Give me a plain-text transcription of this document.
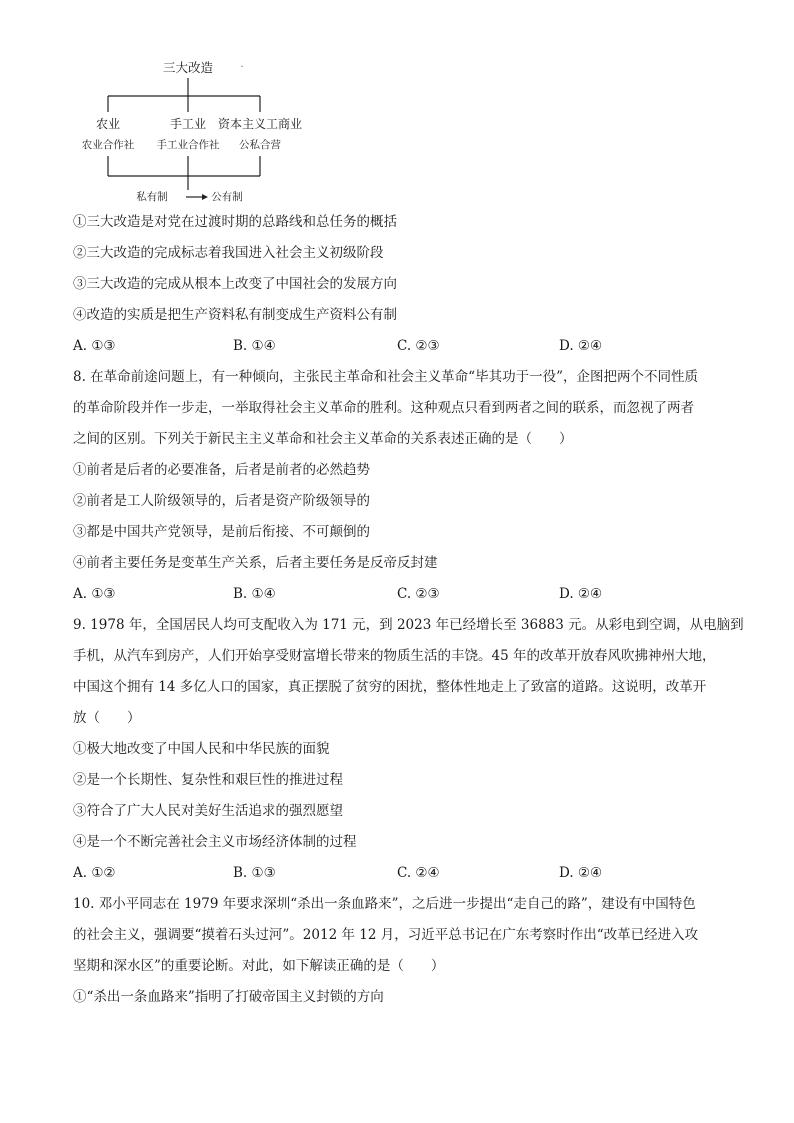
三大改造	·
农业	手工业 资本主义工商业
农业合作社 手工业合作社 公私合营
私有制	公有制
①三大改造是对党在过渡时期的总路线和总任务的概括
②三大改造的完成标志着我国进入社会主义初级阶段
③三大改造的完成从根本上改变了中国社会的发展方向
④改造的实质是把生产资料私有制变成生产资料公有制
A. ①③	B. ①④	C. ②③	D. ②④
8. 在革命前途问题上，有一种倾向，主张民主革命和社会主义革命“毕其功于一役”，企图把两个不同性质
的革命阶段并作一步走，一举取得社会主义革命的胜利。这种观点只看到两者之间的联系，而忽视了两者
之间的区别。下列关于新民主主义革命和社会主义革命的关系表述正确的是（　　）
①前者是后者的必要准备，后者是前者的必然趋势
②前者是工人阶级领导的，后者是资产阶级领导的
③都是中国共产党领导，是前后衔接、不可颠倒的
④前者主要任务是变革生产关系，后者主要任务是反帝反封建
A. ①③	B. ①④	C. ②③	D. ②④
9. 1978 年，全国居民人均可支配收入为 171 元，到 2023 年已经增长至 36883 元。从彩电到空调，从电脑到
手机，从汽车到房产，人们开始享受财富增长带来的物质生活的丰饶。45 年的改革开放春风吹拂神州大地，
中国这个拥有 14 多亿人口的国家，真正摆脱了贫穷的困扰，整体性地走上了致富的道路。这说明，改革开
放（　　）
①极大地改变了中国人民和中华民族的面貌
②是一个长期性、复杂性和艰巨性的推进过程
③符合了广大人民对美好生活追求的强烈愿望
④是一个不断完善社会主义市场经济体制的过程
A. ①②	B. ①③	C. ②④	D. ②④
10. 邓小平同志在 1979 年要求深圳“杀出一条血路来”，之后进一步提出“走自己的路”，建设有中国特色
的社会主义，强调要“摸着石头过河”。2012 年 12 月，习近平总书记在广东考察时作出“改革已经进入攻
坚期和深水区”的重要论断。对此，如下解读正确的是（　　）
①“杀出一条血路来”指明了打破帝国主义封锁的方向
